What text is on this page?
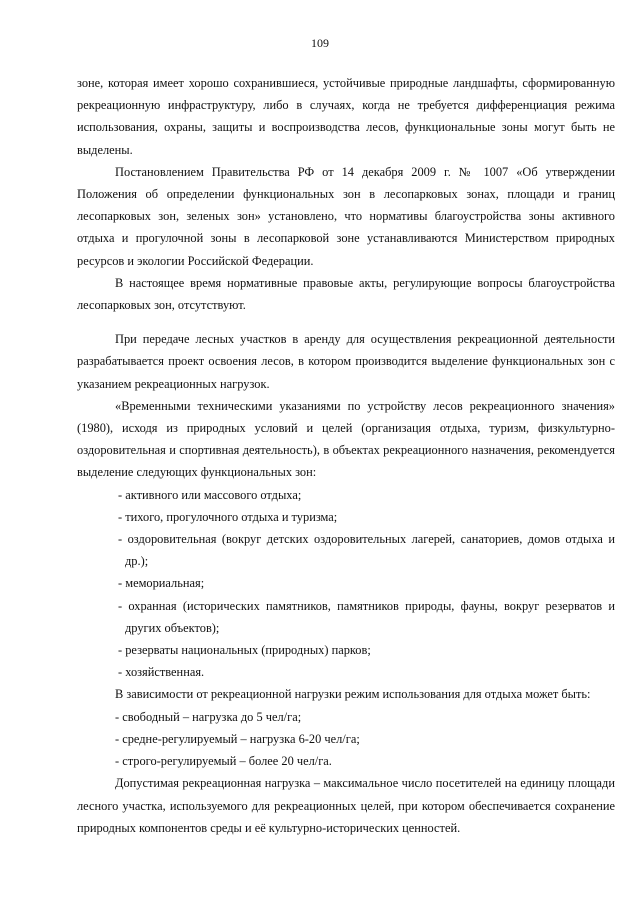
109

зоне, которая имеет хорошо сохранившиеся, устойчивые природные ландшафты, сформированную рекреационную инфраструктуру, либо в случаях, когда не требуется дифференциация режима использования, охраны, защиты и воспроизводства лесов, функциональные зоны могут быть не выделены.

Постановлением Правительства РФ от 14 декабря 2009 г. № 1007 «Об утверждении Положения об определении функциональных зон в лесопарковых зонах, площади и границ лесопарковых зон, зеленых зон» установлено, что нормативы благоустройства зоны активного отдыха и прогулочной зоны в лесопарковой зоне устанавливаются Министерством природных ресурсов и экологии Российской Федерации.

В настоящее время нормативные правовые акты, регулирующие вопросы благоустройства лесопарковых зон, отсутствуют.

При передаче лесных участков в аренду для осуществления рекреационной деятельности разрабатывается проект освоения лесов, в котором производится выделение функциональных зон с указанием рекреационных нагрузок.

«Временными техническими указаниями по устройству лесов рекреационного значения» (1980), исходя из природных условий и целей (организация отдыха, туризм, физкультурно-оздоровительная и спортивная деятельность), в объектах рекреационного назначения, рекомендуется выделение следующих функциональных зон:

- активного или массового отдыха;
- тихого, прогулочного отдыха и туризма;
- оздоровительная (вокруг детских оздоровительных лагерей, санаториев, домов отдыха и др.);
- мемориальная;
- охранная (исторических памятников, памятников природы, фауны, вокруг резерватов и других объектов);
- резерваты национальных (природных) парков;
- хозяйственная.

В зависимости от рекреационной нагрузки режим использования для отдыха может быть:

- свободный – нагрузка до 5 чел/га;
- средне-регулируемый – нагрузка 6-20 чел/га;
- строго-регулируемый – более 20 чел/га.

Допустимая рекреационная нагрузка – максимальное число посетителей на единицу площади лесного участка, используемого для рекреационных целей, при котором обеспечивается сохранение природных компонентов среды и её культурно-исторических ценностей.
